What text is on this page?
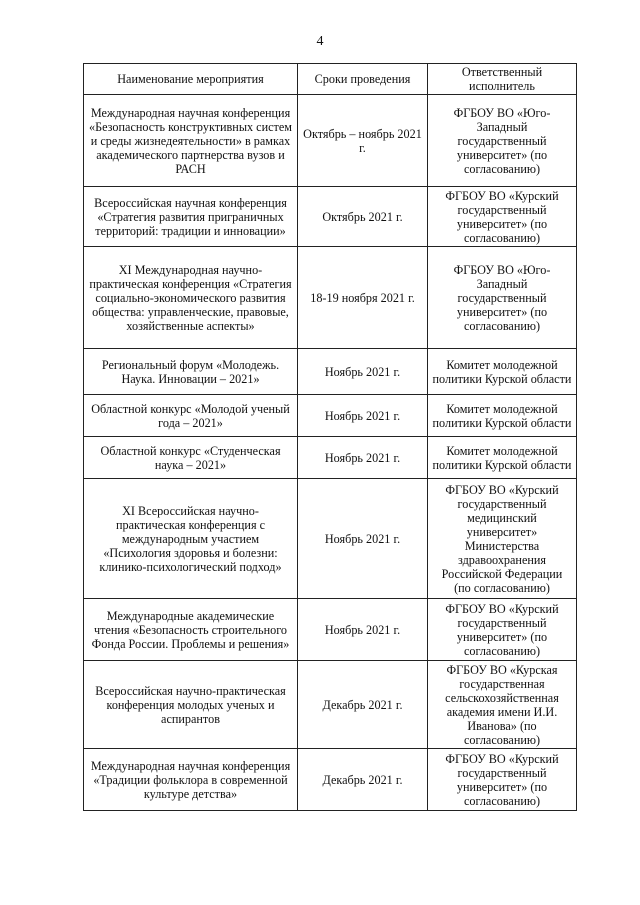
4
Наименование мероприятия	Сроки проведения	Ответственный исполнитель
Международная научная конференция «Безопасность конструктивных систем и среды жизнедеятельности» в рамках академического партнерства вузов и РАСН	Октябрь – ноябрь 2021 г.	ФГБОУ ВО «Юго-Западный государственный университет» (по согласованию)
Всероссийская научная конференция «Стратегия развития приграничных территорий: традиции и инновации»	Октябрь 2021 г.	ФГБОУ ВО «Курский государственный университет» (по согласованию)
XI Международная научно-практическая конференция «Стратегия социально-экономического развития общества: управленческие, правовые, хозяйственные аспекты»	18-19 ноября 2021 г.	ФГБОУ ВО «Юго-Западный государственный университет» (по согласованию)
Региональный форум «Молодежь. Наука. Инновации – 2021»	Ноябрь 2021 г.	Комитет молодежной политики Курской области
Областной конкурс «Молодой ученый года – 2021»	Ноябрь 2021 г.	Комитет молодежной политики Курской области
Областной конкурс «Студенческая наука – 2021»	Ноябрь 2021 г.	Комитет молодежной политики Курской области
XI Всероссийская научно-практическая конференция с международным участием «Психология здоровья и болезни: клинико-психологический подход»	Ноябрь 2021 г.	ФГБОУ ВО «Курский государственный медицинский университет» Министерства здравоохранения Российской Федерации (по согласованию)
Международные академические чтения «Безопасность строительного Фонда России. Проблемы и решения»	Ноябрь 2021 г.	ФГБОУ ВО «Курский государственный университет» (по согласованию)
Всероссийская научно-практическая конференция молодых ученых и аспирантов	Декабрь 2021 г.	ФГБОУ ВО «Курская государственная сельскохозяйственная академия имени И.И. Иванова» (по согласованию)
Международная научная конференция «Традиции фольклора в современной культуре детства»	Декабрь 2021 г.	ФГБОУ ВО «Курский государственный университет» (по согласованию)
